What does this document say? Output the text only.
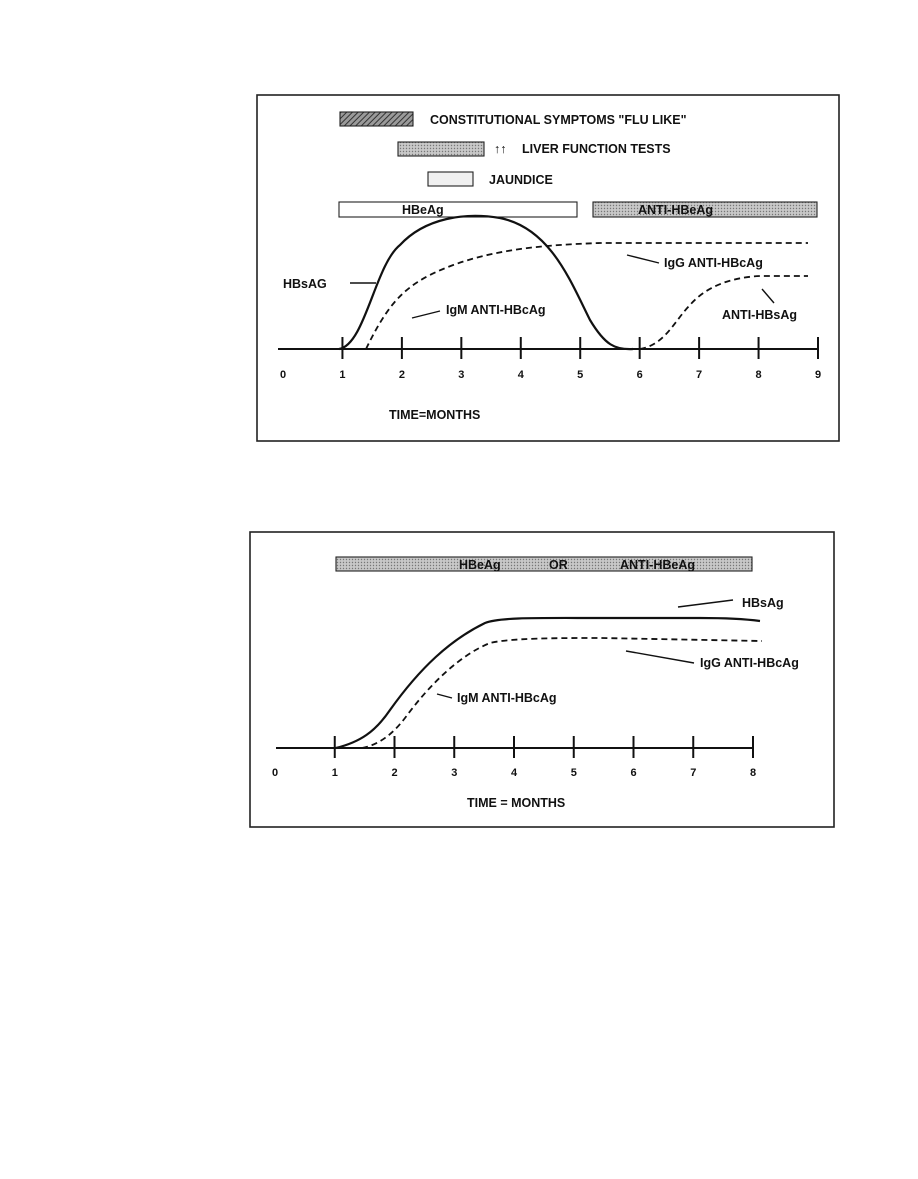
CONSTITUTIONAL SYMPTOMS "FLU LIKE"
↑↑ LIVER FUNCTION TESTS
JAUNDICE
HBeAg	ANTI-HBeAg
HBsAG
IgM ANTI-HBcAg
IgG ANTI-HBcAg
ANTI-HBsAg
0	1	2	3	4	5	6	7	8	9
TIME=MONTHS
HBeAg	OR	ANTI-HBeAg
HBsAg
IgG ANTI-HBcAg
IgM ANTI-HBcAg
0	1	2	3	4	5	6	7	8
TIME = MONTHS
